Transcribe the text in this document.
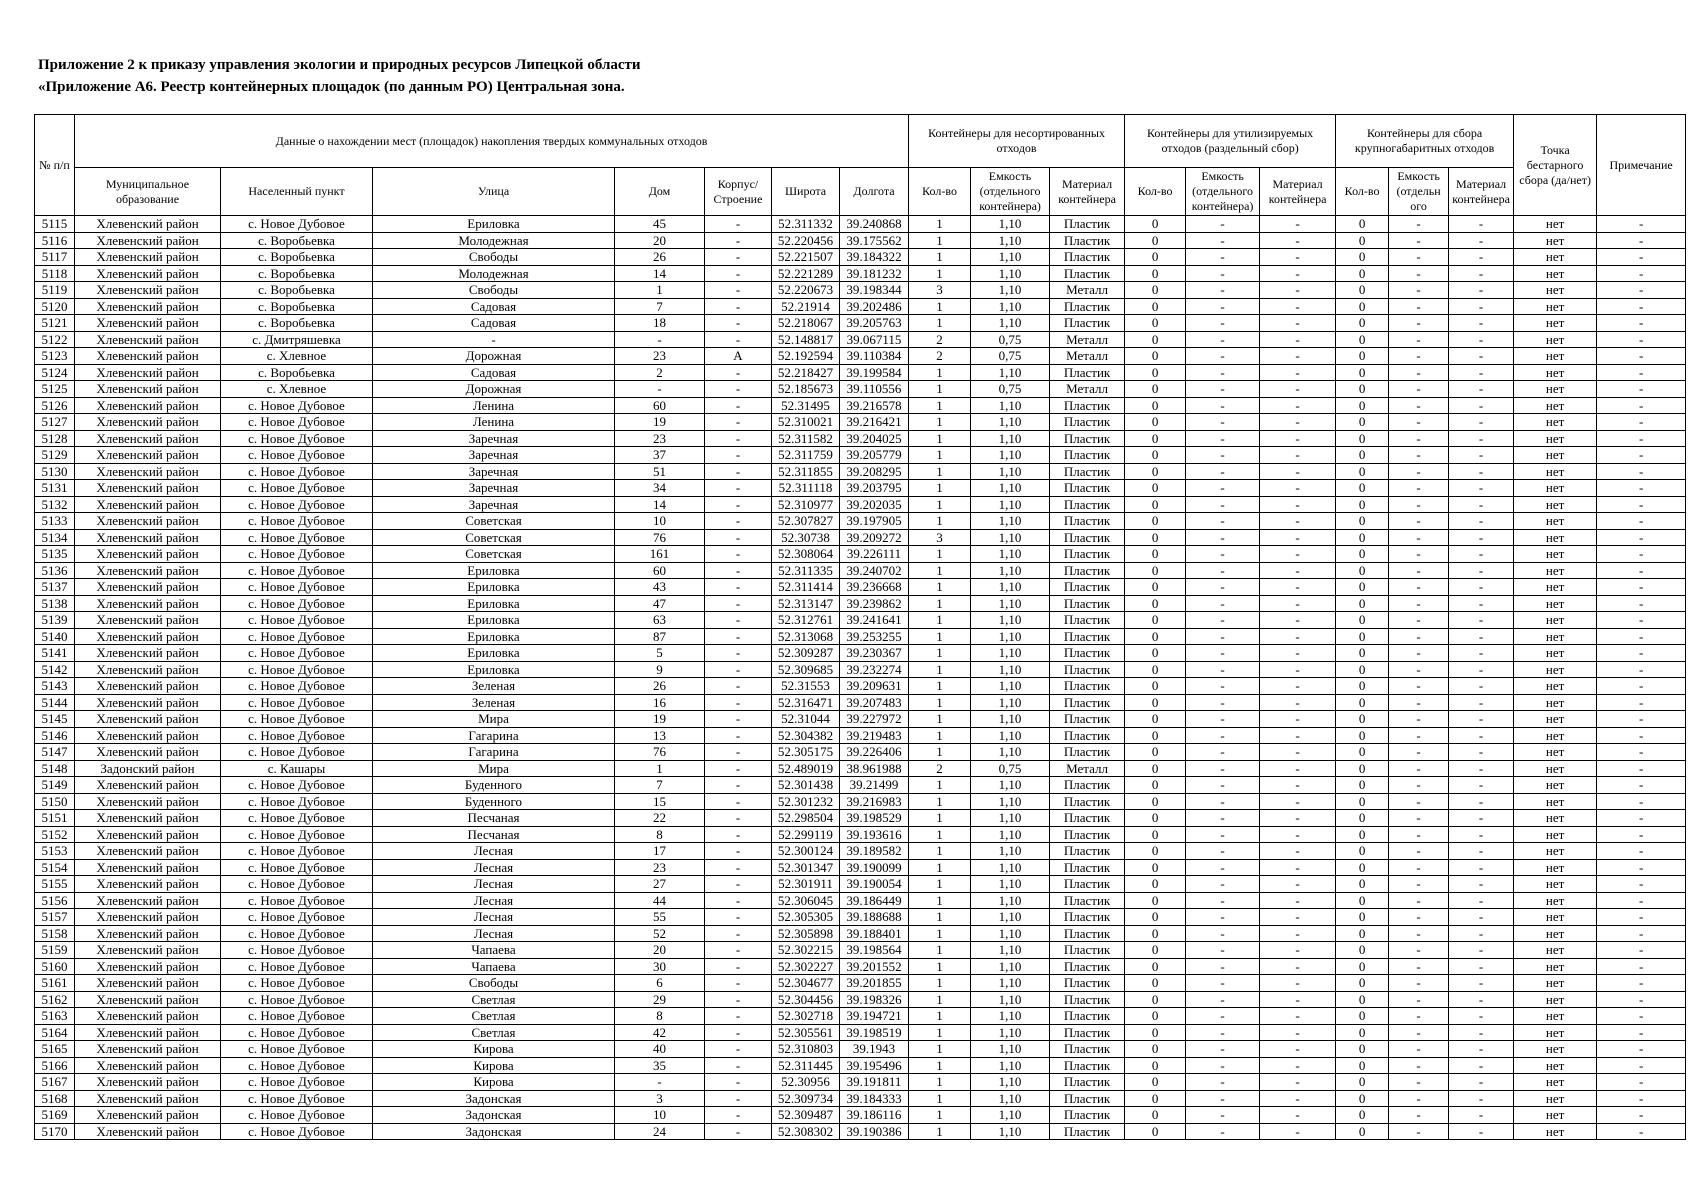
Приложение 2 к приказу управления экологии и природных ресурсов Липецкой области
«Приложение А6. Реестр контейнерных площадок (по данным РО) Центральная зона.
№ п/п	Данные о нахождении мест (площадок) накопления твердых коммунальных отходов							Контейнеры для несортированных отходов			Контейнеры для утилизируемых отходов (раздельный сбор)			Контейнеры для сбора крупногабаритных отходов			Точка бестарного сбора (да/нет)	Примечание
	Муниципальное образование	Населенный пункт	Улица	Дом	Корпус/ Строение	Широта	Долгота	Кол-во	Емкость (отдельного контейнера)	Материал контейнера	Кол-во	Емкость (отдельного контейнера)	Материал контейнера	Кол-во	Емкость (отдельн ого	Материал контейнера		
5115	Хлевенский район	с. Новое Дубовое	Ериловка	45	-	52.311332	39.240868	1	1,10	Пластик	0	-	-	0	-	-	нет	-
5116	Хлевенский район	с. Воробьевка	Молодежная	20	-	52.220456	39.175562	1	1,10	Пластик	0	-	-	0	-	-	нет	-
5117	Хлевенский район	с. Воробьевка	Свободы	26	-	52.221507	39.184322	1	1,10	Пластик	0	-	-	0	-	-	нет	-
5118	Хлевенский район	с. Воробьевка	Молодежная	14	-	52.221289	39.181232	1	1,10	Пластик	0	-	-	0	-	-	нет	-
5119	Хлевенский район	с. Воробьевка	Свободы	1	-	52.220673	39.198344	3	1,10	Металл	0	-	-	0	-	-	нет	-
5120	Хлевенский район	с. Воробьевка	Садовая	7	-	52.21914	39.202486	1	1,10	Пластик	0	-	-	0	-	-	нет	-
5121	Хлевенский район	с. Воробьевка	Садовая	18	-	52.218067	39.205763	1	1,10	Пластик	0	-	-	0	-	-	нет	-
5122	Хлевенский район	с. Дмитряшевка	-	-	-	52.148817	39.067115	2	0,75	Металл	0	-	-	0	-	-	нет	-
5123	Хлевенский район	с. Хлевное	Дорожная	23	А	52.192594	39.110384	2	0,75	Металл	0	-	-	0	-	-	нет	-
5124	Хлевенский район	с. Воробьевка	Садовая	2	-	52.218427	39.199584	1	1,10	Пластик	0	-	-	0	-	-	нет	-
5125	Хлевенский район	с. Хлевное	Дорожная	-	-	52.185673	39.110556	1	0,75	Металл	0	-	-	0	-	-	нет	-
5126	Хлевенский район	с. Новое Дубовое	Ленина	60	-	52.31495	39.216578	1	1,10	Пластик	0	-	-	0	-	-	нет	-
5127	Хлевенский район	с. Новое Дубовое	Ленина	19	-	52.310021	39.216421	1	1,10	Пластик	0	-	-	0	-	-	нет	-
5128	Хлевенский район	с. Новое Дубовое	Заречная	23	-	52.311582	39.204025	1	1,10	Пластик	0	-	-	0	-	-	нет	-
5129	Хлевенский район	с. Новое Дубовое	Заречная	37	-	52.311759	39.205779	1	1,10	Пластик	0	-	-	0	-	-	нет	-
5130	Хлевенский район	с. Новое Дубовое	Заречная	51	-	52.311855	39.208295	1	1,10	Пластик	0	-	-	0	-	-	нет	-
5131	Хлевенский район	с. Новое Дубовое	Заречная	34	-	52.311118	39.203795	1	1,10	Пластик	0	-	-	0	-	-	нет	-
5132	Хлевенский район	с. Новое Дубовое	Заречная	14	-	52.310977	39.202035	1	1,10	Пластик	0	-	-	0	-	-	нет	-
5133	Хлевенский район	с. Новое Дубовое	Советская	10	-	52.307827	39.197905	1	1,10	Пластик	0	-	-	0	-	-	нет	-
5134	Хлевенский район	с. Новое Дубовое	Советская	76	-	52.30738	39.209272	3	1,10	Пластик	0	-	-	0	-	-	нет	-
5135	Хлевенский район	с. Новое Дубовое	Советская	161	-	52.308064	39.226111	1	1,10	Пластик	0	-	-	0	-	-	нет	-
5136	Хлевенский район	с. Новое Дубовое	Ериловка	60	-	52.311335	39.240702	1	1,10	Пластик	0	-	-	0	-	-	нет	-
5137	Хлевенский район	с. Новое Дубовое	Ериловка	43	-	52.311414	39.236668	1	1,10	Пластик	0	-	-	0	-	-	нет	-
5138	Хлевенский район	с. Новое Дубовое	Ериловка	47	-	52.313147	39.239862	1	1,10	Пластик	0	-	-	0	-	-	нет	-
5139	Хлевенский район	с. Новое Дубовое	Ериловка	63	-	52.312761	39.241641	1	1,10	Пластик	0	-	-	0	-	-	нет	-
5140	Хлевенский район	с. Новое Дубовое	Ериловка	87	-	52.313068	39.253255	1	1,10	Пластик	0	-	-	0	-	-	нет	-
5141	Хлевенский район	с. Новое Дубовое	Ериловка	5	-	52.309287	39.230367	1	1,10	Пластик	0	-	-	0	-	-	нет	-
5142	Хлевенский район	с. Новое Дубовое	Ериловка	9	-	52.309685	39.232274	1	1,10	Пластик	0	-	-	0	-	-	нет	-
5143	Хлевенский район	с. Новое Дубовое	Зеленая	26	-	52.31553	39.209631	1	1,10	Пластик	0	-	-	0	-	-	нет	-
5144	Хлевенский район	с. Новое Дубовое	Зеленая	16	-	52.316471	39.207483	1	1,10	Пластик	0	-	-	0	-	-	нет	-
5145	Хлевенский район	с. Новое Дубовое	Мира	19	-	52.31044	39.227972	1	1,10	Пластик	0	-	-	0	-	-	нет	-
5146	Хлевенский район	с. Новое Дубовое	Гагарина	13	-	52.304382	39.219483	1	1,10	Пластик	0	-	-	0	-	-	нет	-
5147	Хлевенский район	с. Новое Дубовое	Гагарина	76	-	52.305175	39.226406	1	1,10	Пластик	0	-	-	0	-	-	нет	-
5148	Задонский район	с. Кашары	Мира	1	-	52.489019	38.961988	2	0,75	Металл	0	-	-	0	-	-	нет	-
5149	Хлевенский район	с. Новое Дубовое	Буденного	7	-	52.301438	39.21499	1	1,10	Пластик	0	-	-	0	-	-	нет	-
5150	Хлевенский район	с. Новое Дубовое	Буденного	15	-	52.301232	39.216983	1	1,10	Пластик	0	-	-	0	-	-	нет	-
5151	Хлевенский район	с. Новое Дубовое	Песчаная	22	-	52.298504	39.198529	1	1,10	Пластик	0	-	-	0	-	-	нет	-
5152	Хлевенский район	с. Новое Дубовое	Песчаная	8	-	52.299119	39.193616	1	1,10	Пластик	0	-	-	0	-	-	нет	-
5153	Хлевенский район	с. Новое Дубовое	Лесная	17	-	52.300124	39.189582	1	1,10	Пластик	0	-	-	0	-	-	нет	-
5154	Хлевенский район	с. Новое Дубовое	Лесная	23	-	52.301347	39.190099	1	1,10	Пластик	0	-	-	0	-	-	нет	-
5155	Хлевенский район	с. Новое Дубовое	Лесная	27	-	52.301911	39.190054	1	1,10	Пластик	0	-	-	0	-	-	нет	-
5156	Хлевенский район	с. Новое Дубовое	Лесная	44	-	52.306045	39.186449	1	1,10	Пластик	0	-	-	0	-	-	нет	-
5157	Хлевенский район	с. Новое Дубовое	Лесная	55	-	52.305305	39.188688	1	1,10	Пластик	0	-	-	0	-	-	нет	-
5158	Хлевенский район	с. Новое Дубовое	Лесная	52	-	52.305898	39.188401	1	1,10	Пластик	0	-	-	0	-	-	нет	-
5159	Хлевенский район	с. Новое Дубовое	Чапаева	20	-	52.302215	39.198564	1	1,10	Пластик	0	-	-	0	-	-	нет	-
5160	Хлевенский район	с. Новое Дубовое	Чапаева	30	-	52.302227	39.201552	1	1,10	Пластик	0	-	-	0	-	-	нет	-
5161	Хлевенский район	с. Новое Дубовое	Свободы	6	-	52.304677	39.201855	1	1,10	Пластик	0	-	-	0	-	-	нет	-
5162	Хлевенский район	с. Новое Дубовое	Светлая	29	-	52.304456	39.198326	1	1,10	Пластик	0	-	-	0	-	-	нет	-
5163	Хлевенский район	с. Новое Дубовое	Светлая	8	-	52.302718	39.194721	1	1,10	Пластик	0	-	-	0	-	-	нет	-
5164	Хлевенский район	с. Новое Дубовое	Светлая	42	-	52.305561	39.198519	1	1,10	Пластик	0	-	-	0	-	-	нет	-
5165	Хлевенский район	с. Новое Дубовое	Кирова	40	-	52.310803	39.1943	1	1,10	Пластик	0	-	-	0	-	-	нет	-
5166	Хлевенский район	с. Новое Дубовое	Кирова	35	-	52.311445	39.195496	1	1,10	Пластик	0	-	-	0	-	-	нет	-
5167	Хлевенский район	с. Новое Дубовое	Кирова	-	-	52.30956	39.191811	1	1,10	Пластик	0	-	-	0	-	-	нет	-
5168	Хлевенский район	с. Новое Дубовое	Задонская	3	-	52.309734	39.184333	1	1,10	Пластик	0	-	-	0	-	-	нет	-
5169	Хлевенский район	с. Новое Дубовое	Задонская	10	-	52.309487	39.186116	1	1,10	Пластик	0	-	-	0	-	-	нет	-
5170	Хлевенский район	с. Новое Дубовое	Задонская	24	-	52.308302	39.190386	1	1,10	Пластик	0	-	-	0	-	-	нет	-
